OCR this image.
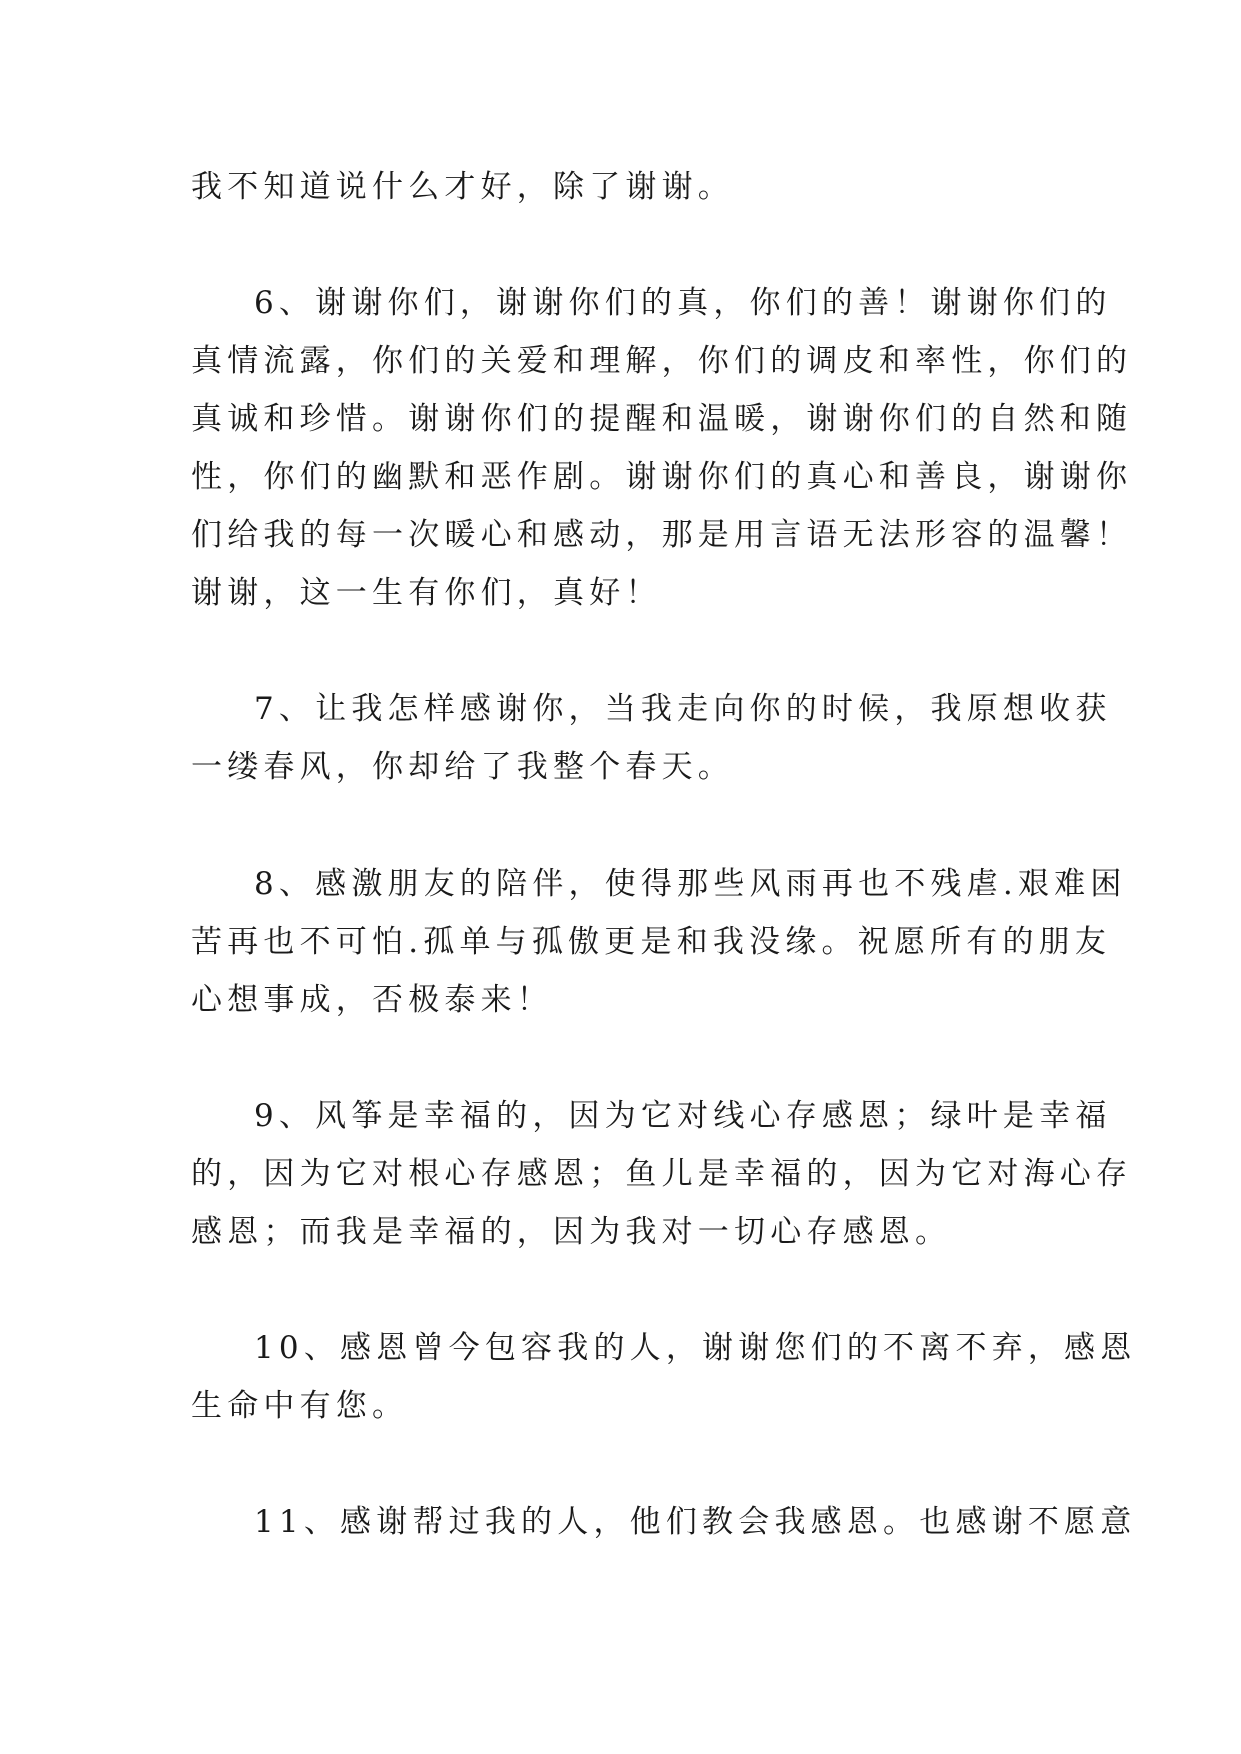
我不知道说什么才好，除了谢谢。
6、谢谢你们，谢谢你们的真，你们的善！谢谢你们的
真情流露，你们的关爱和理解，你们的调皮和率性，你们的
真诚和珍惜。谢谢你们的提醒和温暖，谢谢你们的自然和随
性，你们的幽默和恶作剧。谢谢你们的真心和善良，谢谢你
们给我的每一次暖心和感动，那是用言语无法形容的温馨！
谢谢，这一生有你们，真好！
7、让我怎样感谢你，当我走向你的时候，我原想收获
一缕春风，你却给了我整个春天。
8、感激朋友的陪伴，使得那些风雨再也不残虐.艰难困
苦再也不可怕.孤单与孤傲更是和我没缘。祝愿所有的朋友
心想事成，否极泰来！
9、风筝是幸福的，因为它对线心存感恩；绿叶是幸福
的，因为它对根心存感恩；鱼儿是幸福的，因为它对海心存
感恩；而我是幸福的，因为我对一切心存感恩。
10、感恩曾今包容我的人，谢谢您们的不离不弃，感恩
生命中有您。
11、感谢帮过我的人，他们教会我感恩。也感谢不愿意
